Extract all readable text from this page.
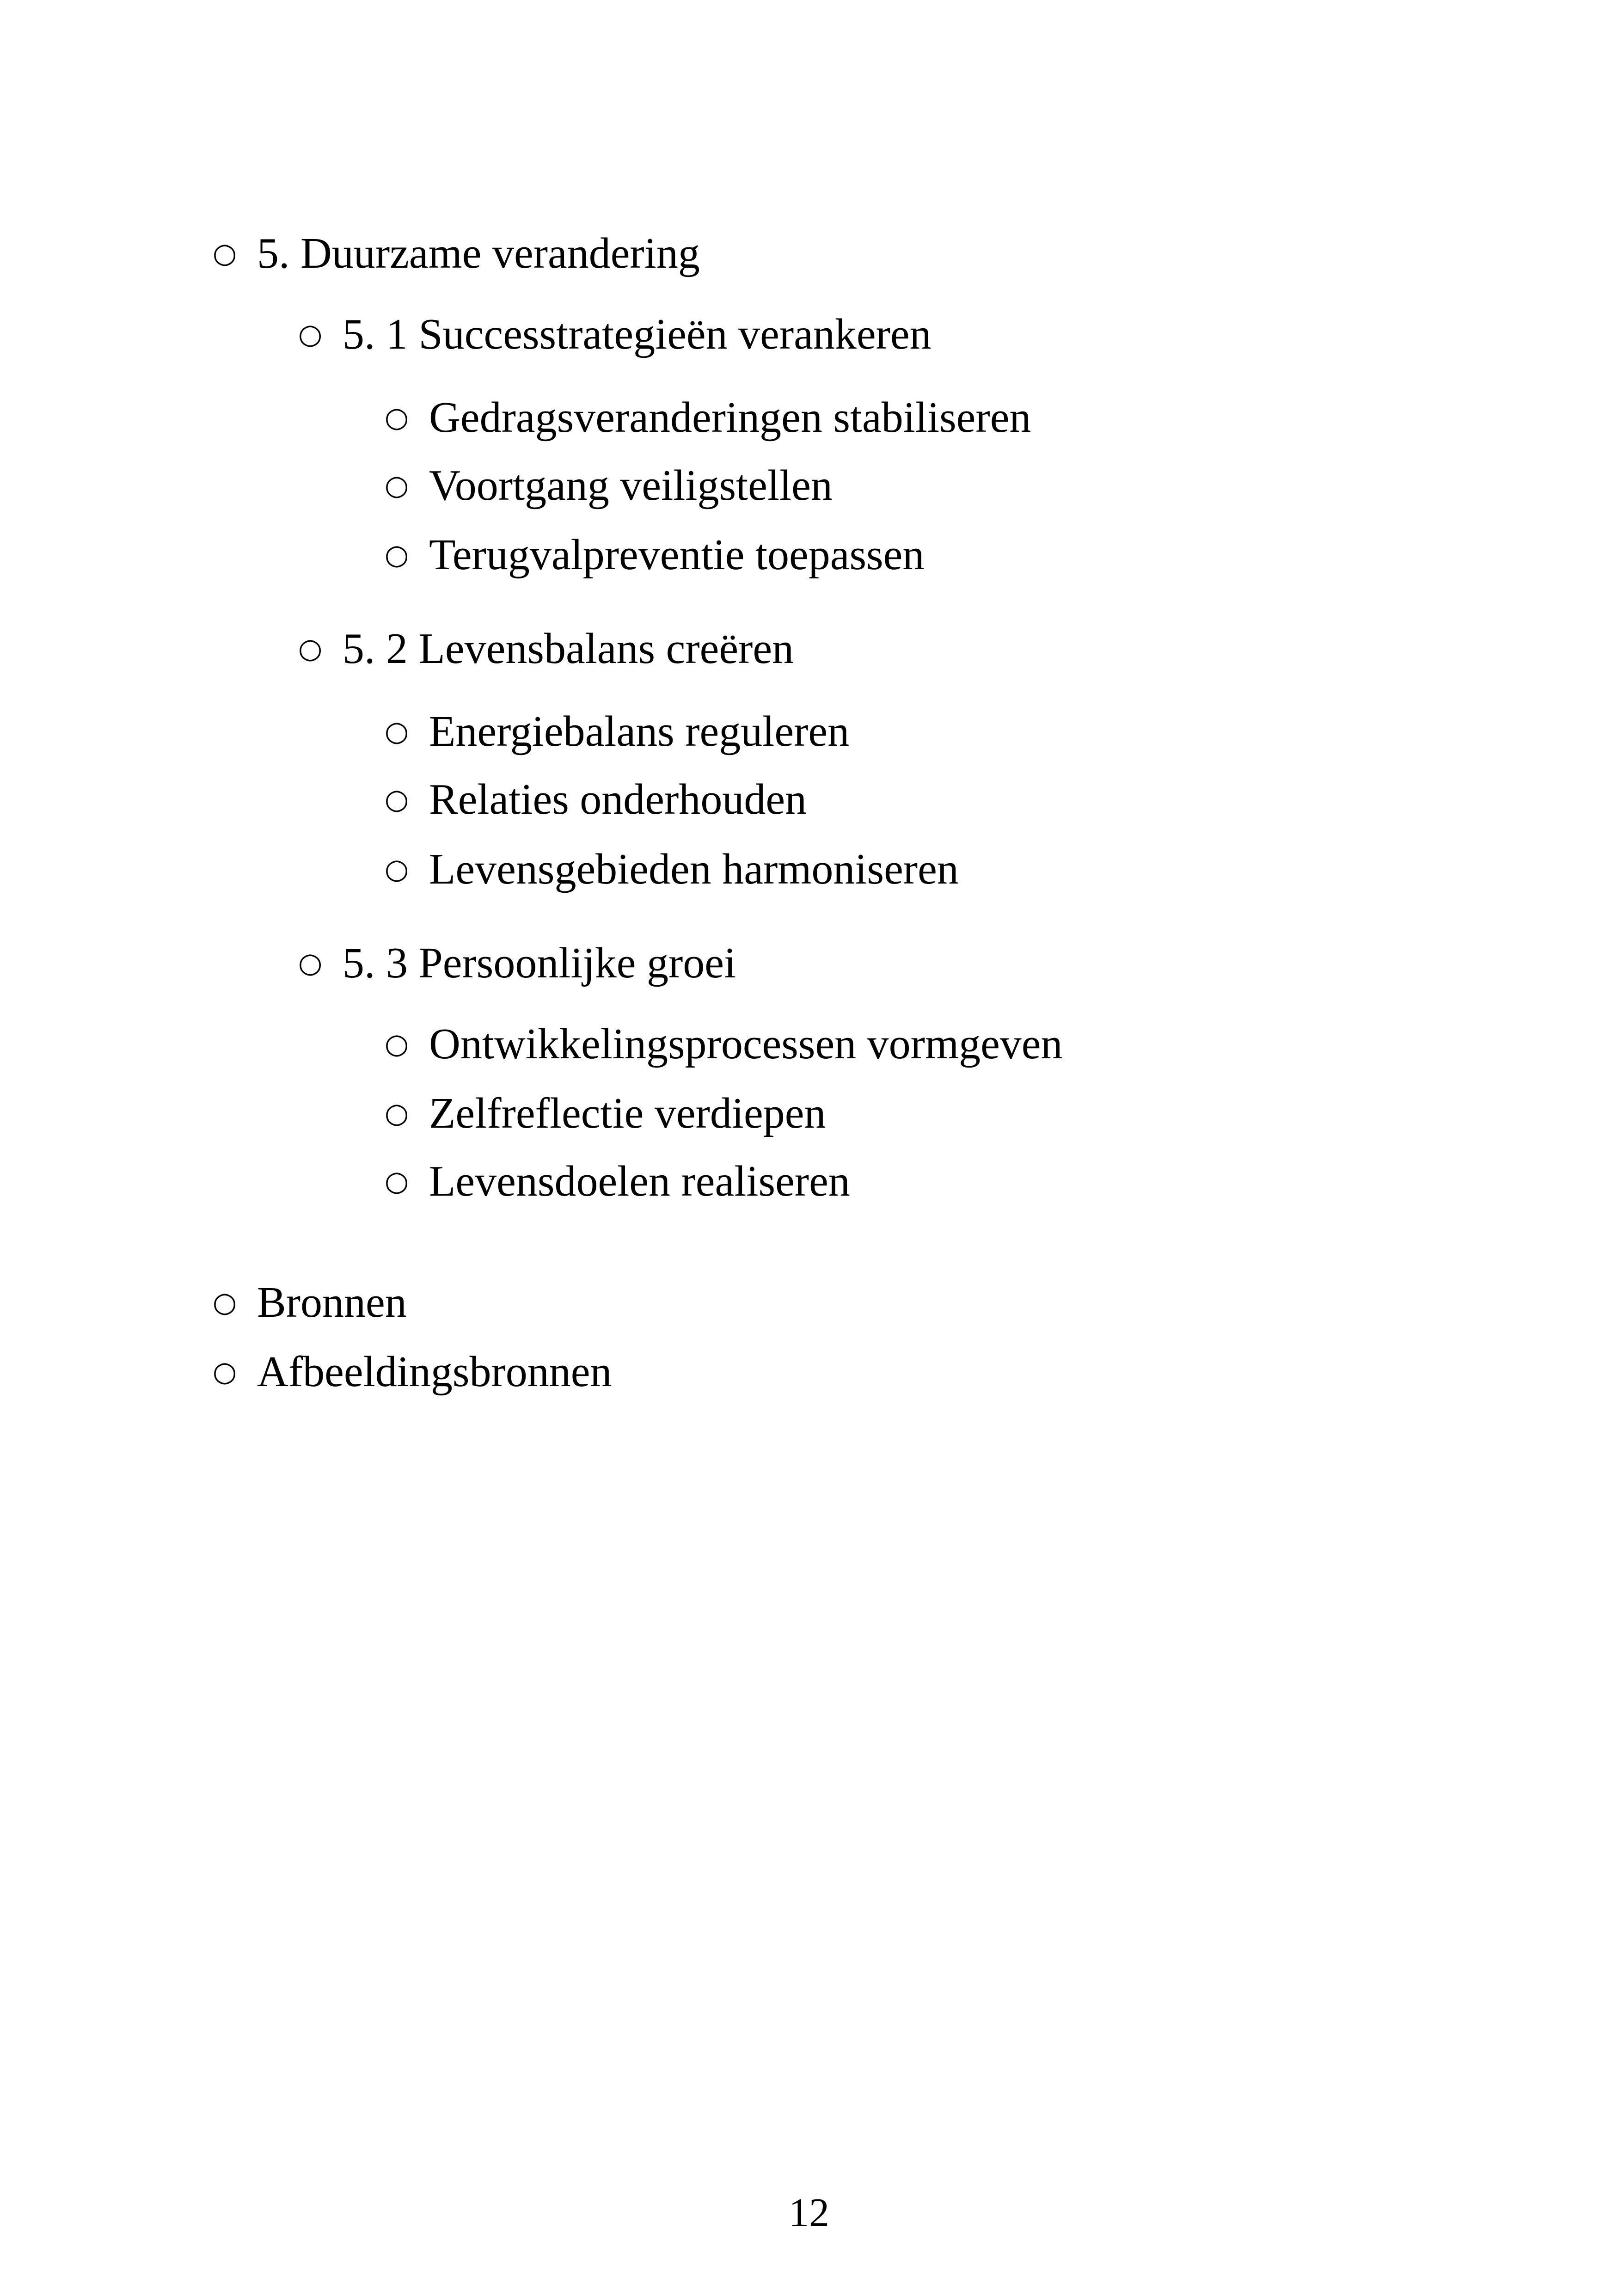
○ 5. Duurzame verandering
○ 5. 1 Successtrategieën verankeren
○ Gedragsveranderingen stabiliseren
○ Voortgang veiligstellen
○ Terugvalpreventie toepassen
○ 5. 2 Levensbalans creëren
○ Energiebalans reguleren
○ Relaties onderhouden
○ Levensgebieden harmoniseren
○ 5. 3 Persoonlijke groei
○ Ontwikkelingsprocessen vormgeven
○ Zelfreflectie verdiepen
○ Levensdoelen realiseren
○ Bronnen
○ Afbeeldingsbronnen
12
